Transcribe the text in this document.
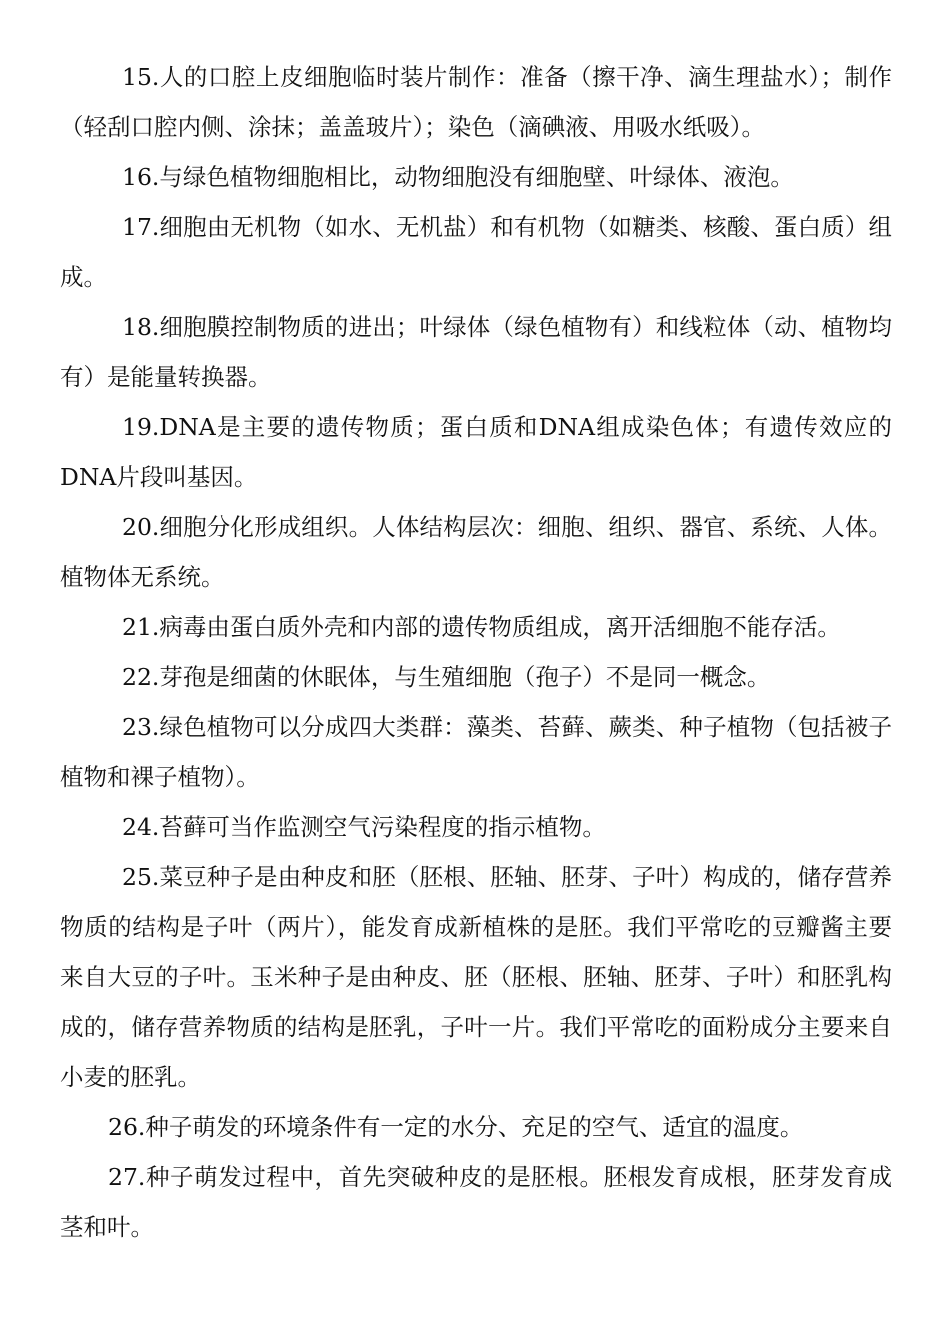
15.人的口腔上皮细胞临时装片制作：准备（擦干净、滴生理盐水）；制作（轻刮口腔内侧、涂抹；盖盖玻片）；染色（滴碘液、用吸水纸吸）。

16.与绿色植物细胞相比，动物细胞没有细胞壁、叶绿体、液泡。

17.细胞由无机物（如水、无机盐）和有机物（如糖类、核酸、蛋白质）组成。

18.细胞膜控制物质的进出；叶绿体（绿色植物有）和线粒体（动、植物均有）是能量转换器。

19.DNA是主要的遗传物质；蛋白质和DNA组成染色体；有遗传效应的DNA片段叫基因。

20.细胞分化形成组织。人体结构层次：细胞、组织、器官、系统、人体。植物体无系统。

21.病毒由蛋白质外壳和内部的遗传物质组成，离开活细胞不能存活。

22.芽孢是细菌的休眠体，与生殖细胞（孢子）不是同一概念。

23.绿色植物可以分成四大类群：藻类、苔藓、蕨类、种子植物（包括被子植物和裸子植物）。

24.苔藓可当作监测空气污染程度的指示植物。

25.菜豆种子是由种皮和胚（胚根、胚轴、胚芽、子叶）构成的，储存营养物质的结构是子叶（两片），能发育成新植株的是胚。我们平常吃的豆瓣酱主要来自大豆的子叶。玉米种子是由种皮、胚（胚根、胚轴、胚芽、子叶）和胚乳构成的，储存营养物质的结构是胚乳，子叶一片。我们平常吃的面粉成分主要来自小麦的胚乳。

26.种子萌发的环境条件有一定的水分、充足的空气、适宜的温度。

27.种子萌发过程中，首先突破种皮的是胚根。胚根发育成根，胚芽发育成茎和叶。
